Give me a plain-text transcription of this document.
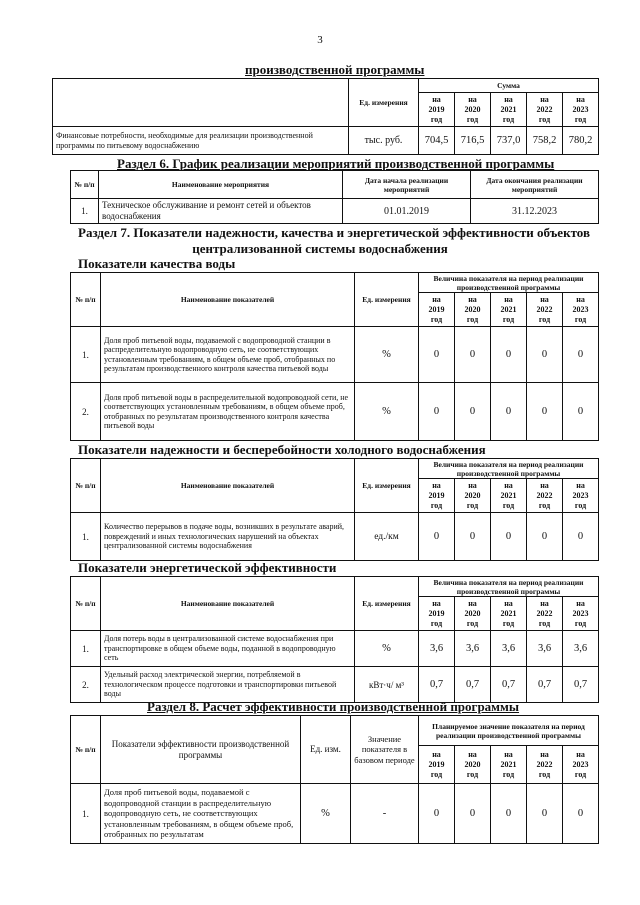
3
производственной программы
	Ед. измерения	Сумма				

		на
2019
год	на
2020
год	на
2021
год	на
2022
год	на
2023
год

Финансовые потребности, необходимые для реализации производственной программы по питьевому водоснабжению	тыс. руб.	704,5	716,5	737,0	758,2	780,2
Раздел 6. График реализации мероприятий производственной программы
№ п/п	Наименование мероприятия	Дата начала реализации мероприятий	Дата окончания реализации мероприятий
1.	Техническое обслуживание и ремонт сетей и объектов водоснабжения	01.01.2019	31.12.2023
Раздел 7. Показатели надежности, качества и энергетической эффективности объектов
централизованной системы водоснабжения
Показатели качества воды
№ п/п	Наименование показателей	Ед. измерения	Величина показателя на период реализации производственной программы				

			на
2019
год	на
2020
год	на
2021
год	на
2022
год	на
2023
год

1.	Доля проб питьевой воды, подаваемой с водопроводной станции в распределительную водопроводную сеть, не соответствующих установленным требованиям, в общем объеме проб, отобранных по результатам производственного контроля качества питьевой воды	%	0	0	0	0	0
2.	Доля проб питьевой воды в распределительной водопроводной сети, не соответствующих установленным требованиям, в общем объеме проб, отобранных по результатам производственного контроля качества питьевой воды	%	0	0	0	0	0
Показатели надежности и бесперебойности холодного водоснабжения
№ п/п	Наименование показателей	Ед. измерения	Величина показателя на период реализации производственной программы				

			на
2019
год	на
2020
год	на
2021
год	на
2022
год	на
2023
год

1.	Количество перерывов в подаче воды, возникших в результате аварий, повреждений и иных технологических нарушений на объектах централизованной системы водоснабжения	ед./км	0	0	0	0	0
Показатели энергетической эффективности
№ п/п	Наименование показателей	Ед. измерения	Величина показателя на период реализации производственной программы				

			на
2019
год	на
2020
год	на
2021
год	на
2022
год	на
2023
год

1.	Доля потерь воды в централизованной системе водоснабжения при транспортировке в общем объеме воды, поданной в водопроводную сеть	%	3,6	3,6	3,6	3,6	3,6
2.	Удельный расход электрической энергии, потребляемой в технологическом процессе подготовки и транспортировки питьевой воды	кВт·ч/ м³	0,7	0,7	0,7	0,7	0,7
Раздел 8. Расчет эффективности производственной программы
№ п/п	Показатели эффективности производственной программы	Ед. изм.	Значение показателя в базовом периоде	Планируемое значение показателя на период реализации производственной программы				

				на
2019
год	на
2020
год	на
2021
год	на
2022
год	на
2023
год

1.	Доля проб питьевой воды, подаваемой с водопроводной станции в распределительную водопроводную сеть, не соответствующих установленным требованиям, в общем объеме проб, отобранных по результатам	%	-	0	0	0	0	0
